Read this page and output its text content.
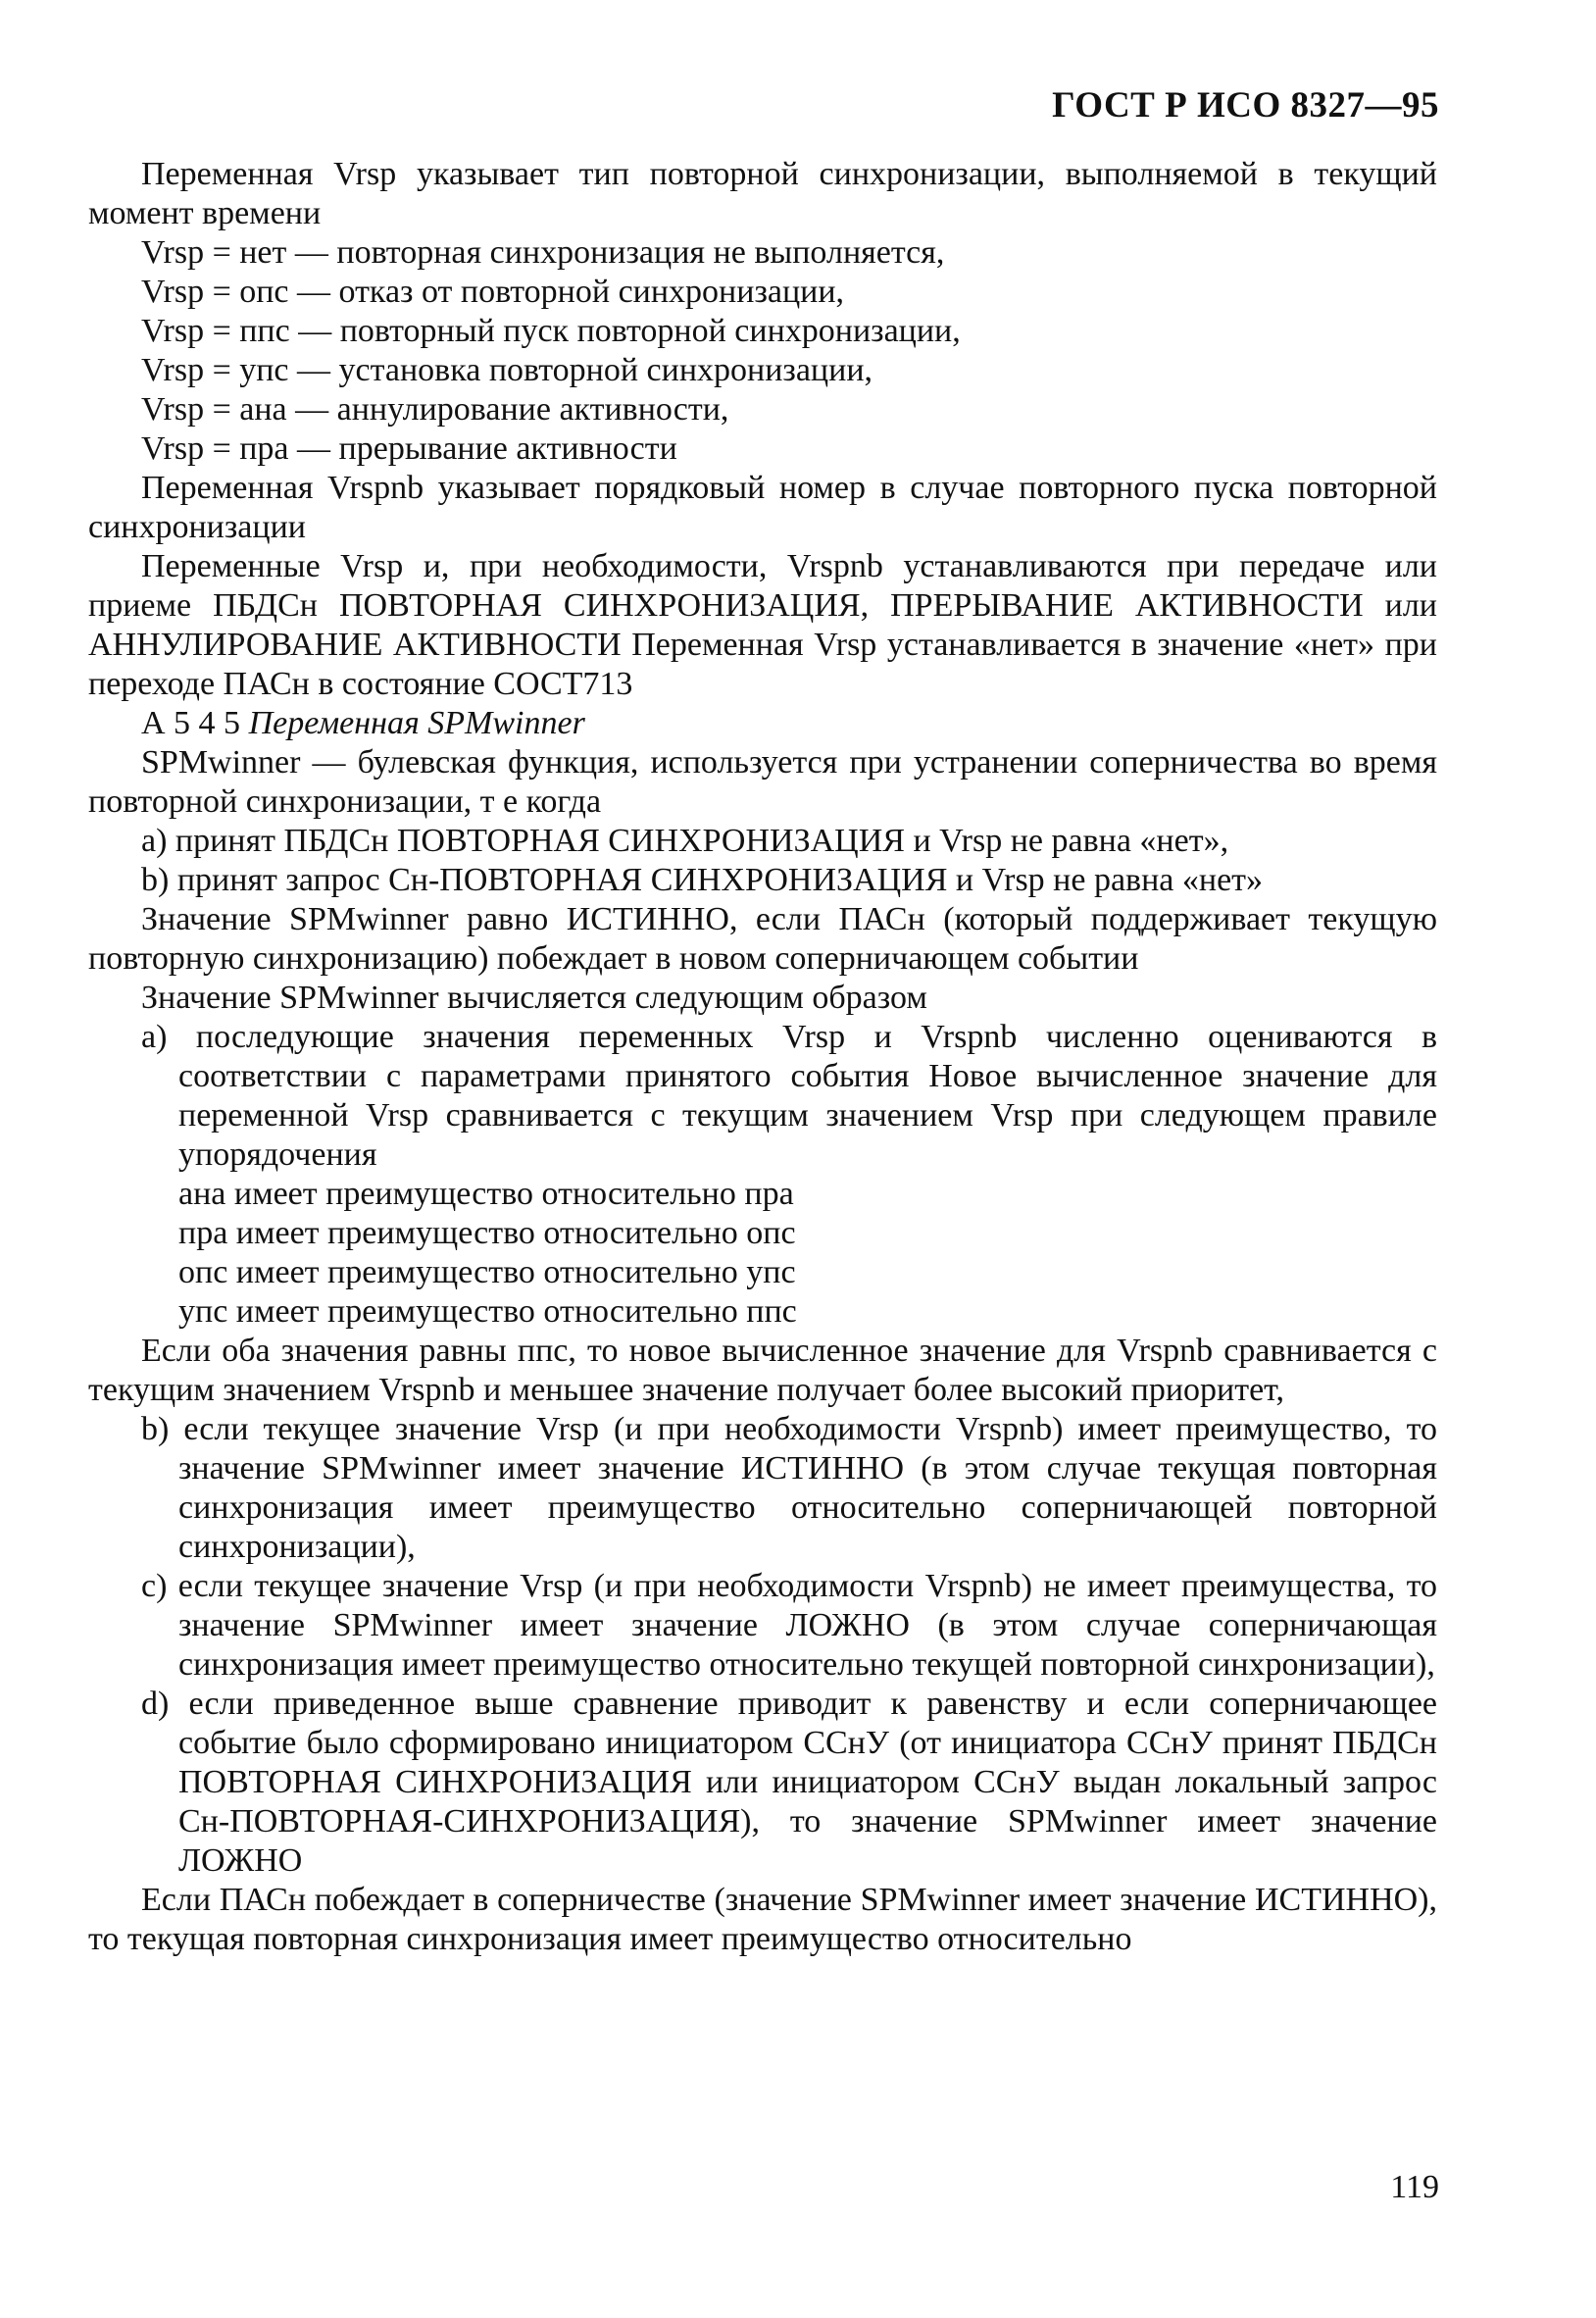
ГОСТ Р ИСО 8327—95

Переменная Vrsp указывает тип повторной синхронизации, выполняемой в текущий момент времени

Vrsp = нет — повторная синхронизация не выполняется,

Vrsp = опс — отказ от повторной синхронизации,

Vrsp = ппс — повторный пуск повторной синхронизации,

Vrsp = упс — установка повторной синхронизации,

Vrsp = ана — аннулирование активности,

Vrsp = пра — прерывание активности

Переменная Vrspnb указывает порядковый номер в случае повторного пуска повторной синхронизации

Переменные Vrsp и, при необходимости, Vrspnb устанавливаются при передаче или приеме ПБДСн ПОВТОРНАЯ СИНХРОНИЗАЦИЯ, ПРЕРЫВАНИЕ АКТИВНОСТИ или АННУЛИРОВАНИЕ АКТИВНОСТИ Переменная Vrsp устанавливается в значение «нет» при переходе ПАСн в состояние СОСТ713

А 5 4 5 Переменная SPMwinner

SPMwinner — булевская функция, используется при устранении соперничества во время повторной синхронизации, т е когда

а) принят ПБДСн ПОВТОРНАЯ СИНХРОНИЗАЦИЯ и Vrsp не равна «нет»,

b) принят запрос Сн-ПОВТОРНАЯ СИНХРОНИЗАЦИЯ и Vrsp не равна «нет»

Значение SPMwinner равно ИСТИННО, если ПАСн (который поддерживает текущую повторную синхронизацию) побеждает в новом соперничающем событии

Значение SPMwinner вычисляется следующим образом

а) последующие значения переменных Vrsp и Vrspnb численно оцениваются в соответствии с параметрами принятого события Новое вычисленное значение для переменной Vrsp сравнивается с текущим значением Vrsp при следующем правиле упорядочения

ана имеет преимущество относительно пра

пра имеет преимущество относительно опс

опс имеет преимущество относительно упс

упс имеет преимущество относительно ппс

Если оба значения равны ппс, то новое вычисленное значение для Vrspnb сравнивается с текущим значением Vrspnb и меньшее значение получает более высокий приоритет,

b) если текущее значение Vrsp (и при необходимости Vrspnb) имеет преимущество, то значение SPMwinner имеет значение ИСТИННО (в этом случае текущая повторная синхронизация имеет преимущество относительно соперничающей повторной синхронизации),

c) если текущее значение Vrsp (и при необходимости Vrspnb) не имеет преимущества, то значение SPMwinner имеет значение ЛОЖНО (в этом случае соперничающая синхронизация имеет преимущество относительно текущей повторной синхронизации),

d) если приведенное выше сравнение приводит к равенству и если соперничающее событие было сформировано инициатором ССнУ (от инициатора ССнУ принят ПБДСн ПОВТОРНАЯ СИНХРОНИЗАЦИЯ или инициатором ССнУ выдан локальный запрос Сн-ПОВТОРНАЯ-СИНХРОНИЗАЦИЯ), то значение SPMwinner имеет значение ЛОЖНО

Если ПАСн побеждает в соперничестве (значение SPMwinner имеет значение ИСТИННО), то текущая повторная синхронизация имеет преимущество относительно

119
